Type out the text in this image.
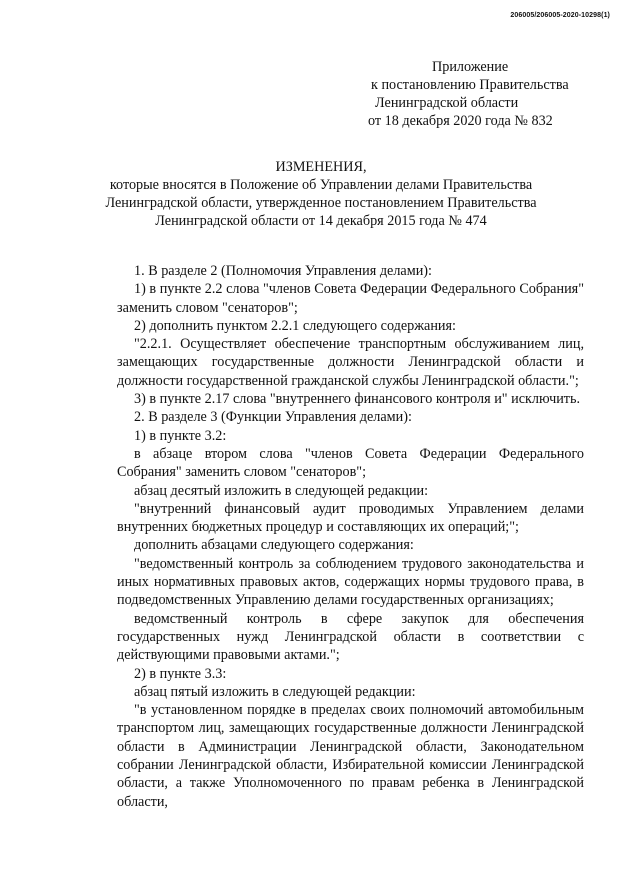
206005/206005-2020-10298(1)
Приложение
к постановлению Правительства
Ленинградской области
от 18 декабря 2020 года № 832
ИЗМЕНЕНИЯ,
которые вносятся в Положение об Управлении делами Правительства
Ленинградской области, утвержденное постановлением Правительства
Ленинградской области от 14 декабря 2015 года № 474

1. В разделе 2 (Полномочия Управления делами):

1) в пункте 2.2 слова "членов Совета Федерации Федерального Собрания" заменить словом "сенаторов";

2) дополнить пунктом 2.2.1 следующего содержания:

"2.2.1. Осуществляет обеспечение транспортным обслуживанием лиц, замещающих государственные должности Ленинградской области и должности государственной гражданской службы Ленинградской области.";

3) в пункте 2.17 слова "внутреннего финансового контроля и" исключить.

2. В разделе 3 (Функции Управления делами):

1) в пункте 3.2:

в абзаце втором слова "членов Совета Федерации Федерального Собрания" заменить словом "сенаторов";

абзац десятый изложить в следующей редакции:

"внутренний финансовый аудит проводимых Управлением делами внутренних бюджетных процедур и составляющих их операций;";

дополнить абзацами следующего содержания:

"ведомственный контроль за соблюдением трудового законодательства и иных нормативных правовых актов, содержащих нормы трудового права, в подведомственных Управлению делами государственных организациях;

ведомственный контроль в сфере закупок для обеспечения государственных нужд Ленинградской области в соответствии с действующими правовыми актами.";

2) в пункте 3.3:

абзац пятый изложить в следующей редакции:

"в установленном порядке в пределах своих полномочий автомобильным транспортом лиц, замещающих государственные должности Ленинградской области в Администрации Ленинградской области, Законодательном собрании Ленинградской области, Избирательной комиссии Ленинградской области, а также Уполномоченного по правам ребенка в Ленинградской области,
